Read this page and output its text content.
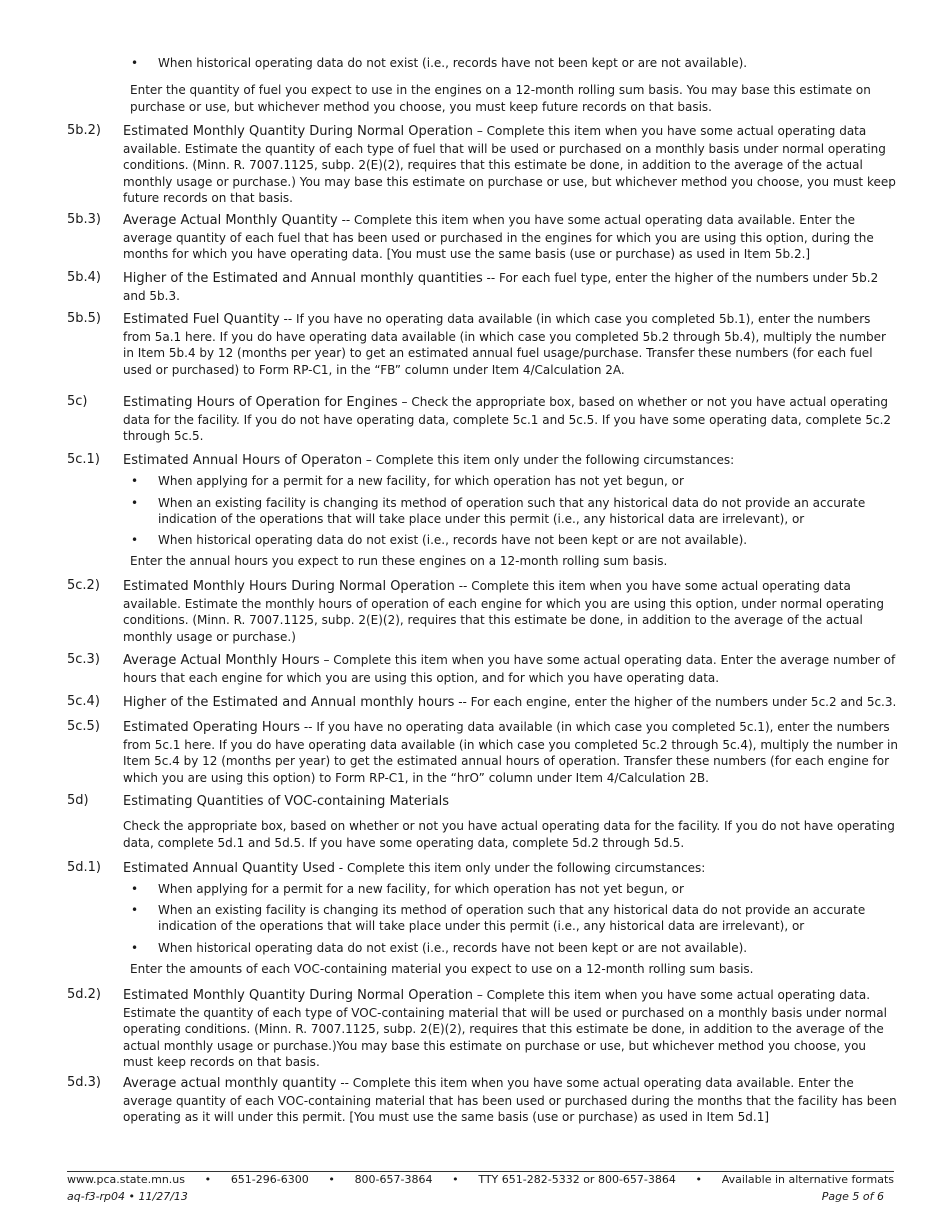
• When historical operating data do not exist (i.e., records have not been kept or are not available).
Enter the quantity of fuel you expect to use in the engines on a 12-month rolling sum basis. You may base this estimate on purchase or use, but whichever method you choose, you must keep future records on that basis.
5b.2) Estimated Monthly Quantity During Normal Operation – Complete this item when you have some actual operating data available. Estimate the quantity of each type of fuel that will be used or purchased on a monthly basis under normal operating conditions. (Minn. R. 7007.1125, subp. 2(E)(2), requires that this estimate be done, in addition to the average of the actual monthly usage or purchase.) You may base this estimate on purchase or use, but whichever method you choose, you must keep future records on that basis.
5b.3) Average Actual Monthly Quantity -- Complete this item when you have some actual operating data available. Enter the average quantity of each fuel that has been used or purchased in the engines for which you are using this option, during the months for which you have operating data. [You must use the same basis (use or purchase) as used in Item 5b.2.]
5b.4) Higher of the Estimated and Annual monthly quantities -- For each fuel type, enter the higher of the numbers under 5b.2 and 5b.3.
5b.5) Estimated Fuel Quantity -- If you have no operating data available (in which case you completed 5b.1), enter the numbers from 5a.1 here. If you do have operating data available (in which case you completed 5b.2 through 5b.4), multiply the number in Item 5b.4 by 12 (months per year) to get an estimated annual fuel usage/purchase. Transfer these numbers (for each fuel used or purchased) to Form RP-C1, in the “FB” column under Item 4/Calculation 2A.
5c)	Estimating Hours of Operation for Engines – Check the appropriate box, based on whether or not you have actual operating data for the facility. If you do not have operating data, complete 5c.1 and 5c.5. If you have some operating data, complete 5c.2 through 5c.5.
5c.1) Estimated Annual Hours of Operaton – Complete this item only under the following circumstances:
• When applying for a permit for a new facility, for which operation has not yet begun, or
• When an existing facility is changing its method of operation such that any historical data do not provide an accurate indication of the operations that will take place under this permit (i.e., any historical data are irrelevant), or
• When historical operating data do not exist (i.e., records have not been kept or are not available).
Enter the annual hours you expect to run these engines on a 12-month rolling sum basis.
5c.2) Estimated Monthly Hours During Normal Operation -- Complete this item when you have some actual operating data available. Estimate the monthly hours of operation of each engine for which you are using this option, under normal operating conditions. (Minn. R. 7007.1125, subp. 2(E)(2), requires that this estimate be done, in addition to the average of the actual monthly usage or purchase.)
5c.3) Average Actual Monthly Hours – Complete this item when you have some actual operating data. Enter the average number of hours that each engine for which you are using this option, and for which you have operating data.
5c.4) Higher of the Estimated and Annual monthly hours -- For each engine, enter the higher of the numbers under 5c.2 and 5c.3.
5c.5) Estimated Operating Hours -- If you have no operating data available (in which case you completed 5c.1), enter the numbers from 5c.1 here. If you do have operating data available (in which case you completed 5c.2 through 5c.4), multiply the number in Item 5c.4 by 12 (months per year) to get the estimated annual hours of operation. Transfer these numbers (for each engine for which you are using this option) to Form RP-C1, in the “hrO” column under Item 4/Calculation 2B.
5d)	Estimating Quantities of VOC-containing Materials
Check the appropriate box, based on whether or not you have actual operating data for the facility. If you do not have operating data, complete 5d.1 and 5d.5. If you have some operating data, complete 5d.2 through 5d.5.
5d.1) Estimated Annual Quantity Used - Complete this item only under the following circumstances:
• When applying for a permit for a new facility, for which operation has not yet begun, or
• When an existing facility is changing its method of operation such that any historical data do not provide an accurate indication of the operations that will take place under this permit (i.e., any historical data are irrelevant), or
• When historical operating data do not exist (i.e., records have not been kept or are not available).
Enter the amounts of each VOC-containing material you expect to use on a 12-month rolling sum basis.
5d.2) Estimated Monthly Quantity During Normal Operation – Complete this item when you have some actual operating data. Estimate the quantity of each type of VOC-containing material that will be used or purchased on a monthly basis under normal operating conditions. (Minn. R. 7007.1125, subp. 2(E)(2), requires that this estimate be done, in addition to the average of the actual monthly usage or purchase.)You may base this estimate on purchase or use, but whichever method you choose, you must keep records on that basis.
5d.3) Average actual monthly quantity -- Complete this item when you have some actual operating data available. Enter the average quantity of each VOC-containing material that has been used or purchased during the months that the facility has been operating as it will under this permit. [You must use the same basis (use or purchase) as used in Item 5d.1]
www.pca.state.mn.us • 651-296-6300 • 800-657-3864 • TTY 651-282-5332 or 800-657-3864 • Available in alternative formats
aq-f3-rp04 • 11/27/13	Page 5 of 6
